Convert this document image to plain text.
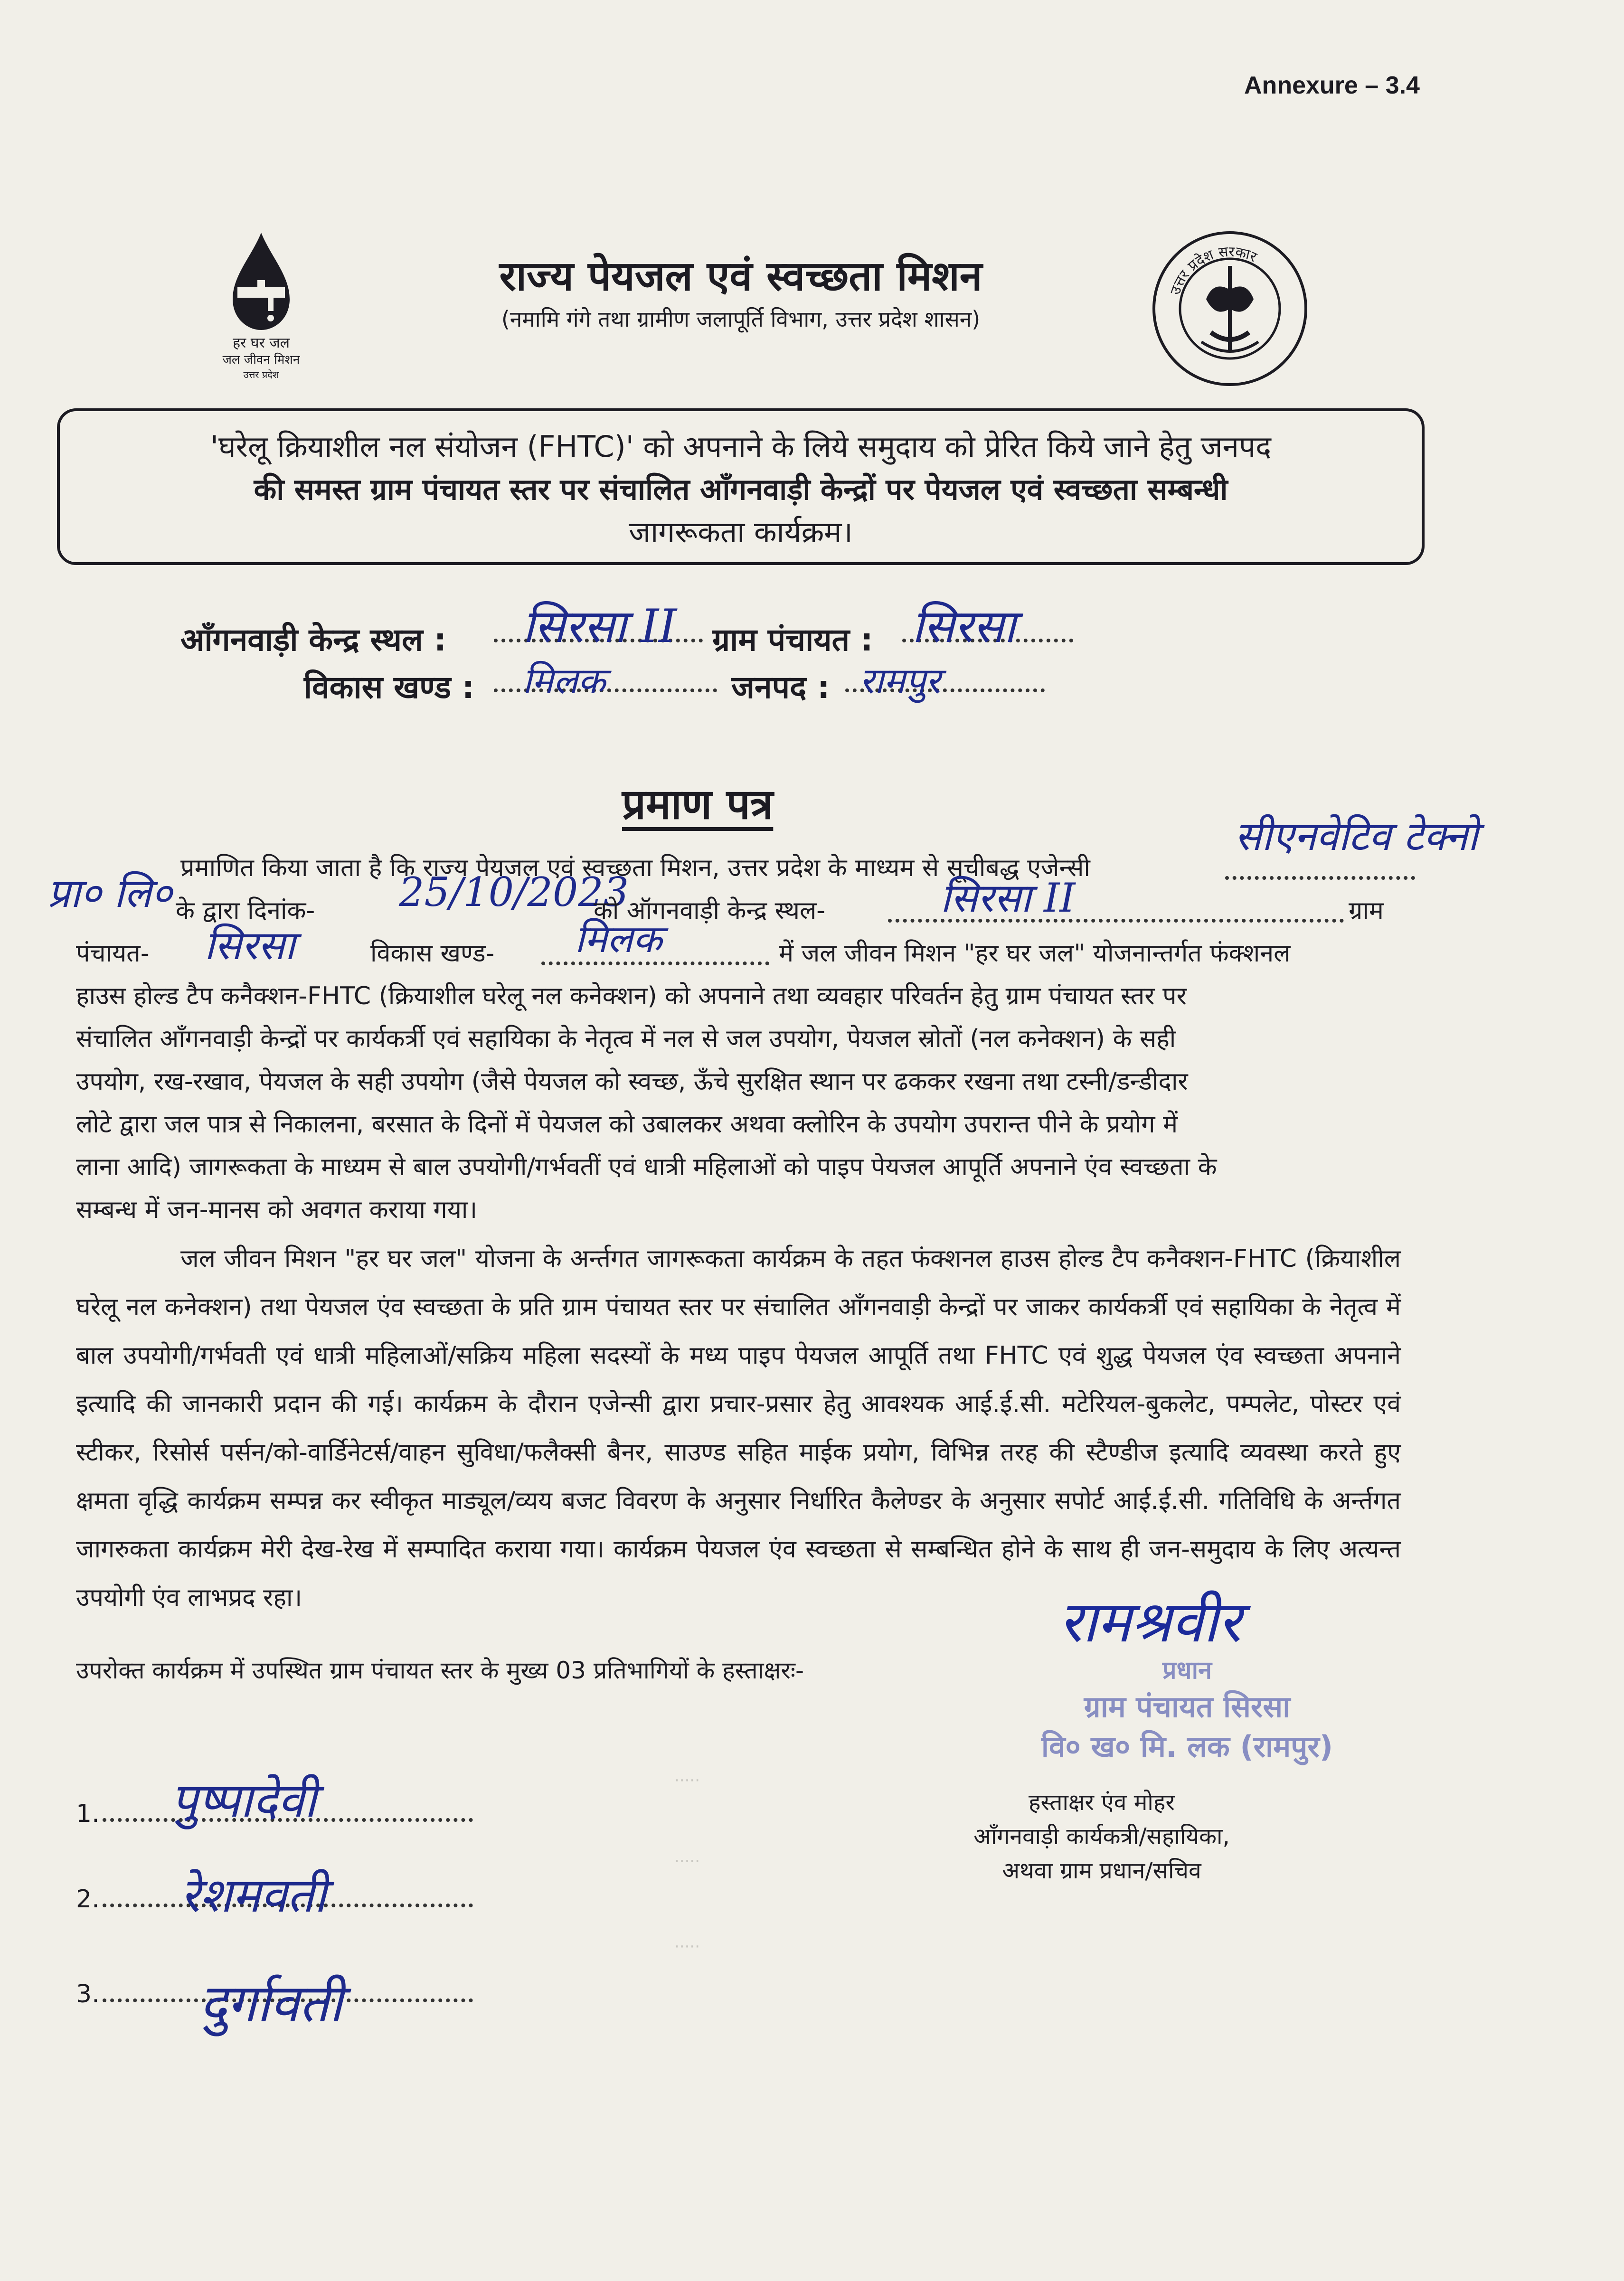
Annexure – 3.4
हर घर जल
जल जीवन मिशन
उत्तर प्रदेश
राज्य पेयजल एवं स्वच्छता मिशन
(नमामि गंगे तथा ग्रामीण जलापूर्ति विभाग, उत्तर प्रदेश शासन)
उत्तर प्रदेश सरकार
'घरेलू क्रियाशील नल संयोजन (FHTC)' को अपनाने के लिये समुदाय को प्रेरित किये जाने हेतु जनपद
की समस्त ग्राम पंचायत स्तर पर संचालित आँगनवाड़ी केन्द्रों पर पेयजल एवं स्वच्छता सम्बन्धी
जागरूकता कार्यक्रम।
आँगनवाड़ी केन्द्र स्थल : सिरसा II ग्राम पंचायत : सिरसा
विकास खण्ड : मिलक	जनपद : रामपुर
प्रमाण पत्र
प्रमाणित किया जाता है कि राज्य पेयजल एवं स्वच्छता मिशन, उत्तर प्रदेश के माध्यम से सूचीबद्ध एजेन्सी
सीएनवेटिव टेक्नो
प्रा० लि० के द्वारा दिनांक- 25/10/2023
को ऑगनवाड़ी केन्द्र स्थल-	सिरसा II	ग्राम
पंचायत- सिरसा	विकास खण्ड- मिलक	में जल जीवन मिशन "हर घर जल" योजनान्तर्गत फंक्शनल
हाउस होल्ड टैप कनैक्शन-FHTC (क्रियाशील घरेलू नल कनेक्शन) को अपनाने तथा व्यवहार परिवर्तन हेतु ग्राम पंचायत स्तर पर
संचालित आँगनवाड़ी केन्द्रों पर कार्यकर्त्री एवं सहायिका के नेतृत्व में नल से जल उपयोग, पेयजल स्रोतों (नल कनेक्शन) के सही
उपयोग, रख-रखाव, पेयजल के सही उपयोग (जैसे पेयजल को स्वच्छ, ऊँचे सुरक्षित स्थान पर ढककर रखना तथा टस्नी/डन्डीदार
लोटे द्वारा जल पात्र से निकालना, बरसात के दिनों में पेयजल को उबालकर अथवा क्लोरिन के उपयोग उपरान्त पीने के प्रयोग में
लाना आदि) जागरूकता के माध्यम से बाल उपयोगी/गर्भवतीं एवं धात्री महिलाओं को पाइप पेयजल आपूर्ति अपनाने एंव स्वच्छता के
सम्बन्ध में जन-मानस को अवगत कराया गया।
जल जीवन मिशन "हर घर जल" योजना के अर्न्तगत जागरूकता कार्यक्रम के तहत फंक्शनल हाउस होल्ड टैप कनैक्शन-FHTC (क्रियाशील घरेलू नल कनेक्शन) तथा पेयजल एंव स्वच्छता के प्रति ग्राम पंचायत स्तर पर संचालित आँगनवाड़ी केन्द्रों पर जाकर कार्यकर्त्री एवं सहायिका के नेतृत्व में बाल उपयोगी/गर्भवती एवं धात्री महिलाओं/सक्रिय महिला सदस्यों के मध्य पाइप पेयजल आपूर्ति तथा FHTC एवं शुद्ध पेयजल एंव स्वच्छता अपनाने इत्यादि की जानकारी प्रदान की गई। कार्यक्रम के दौरान एजेन्सी द्वारा प्रचार-प्रसार हेतु आवश्यक आई.ई.सी. मटेरियल-बुकलेट, पम्पलेट, पोस्टर एवं स्टीकर, रिसोर्स पर्सन/को-वार्डिनेटर्स/वाहन सुविधा/फलैक्सी बैनर, साउण्ड सहित माईक प्रयोग, विभिन्न तरह की स्टैण्डीज इत्यादि व्यवस्था करते हुए क्षमता वृद्धि कार्यक्रम सम्पन्न कर स्वीकृत माड्यूल/व्यय बजट विवरण के अनुसार निर्धारित कैलेण्डर के अनुसार सपोर्ट आई.ई.सी. गतिविधि के अर्न्तगत जागरुकता कार्यक्रम मेरी देख-रेख में सम्पादित कराया गया। कार्यक्रम पेयजल एंव स्वच्छता से सम्बन्धित होने के साथ ही जन-समुदाय के लिए अत्यन्त उपयोगी एंव लाभप्रद रहा।
उपरोक्त कार्यक्रम में उपस्थित ग्राम पंचायत स्तर के मुख्य 03 प्रतिभागियों के हस्ताक्षरः-
1.	पुष्पादेवी
2.	रेशमवती
3.	दुर्गावती
·····
·····
·····
रामश्रवीर
प्रधान
ग्राम पंचायत सिरसा
वि० ख० मि. लक (रामपुर)
हस्ताक्षर एंव मोहर
आँगनवाड़ी कार्यकत्री/सहायिका,
अथवा ग्राम प्रधान/सचिव
